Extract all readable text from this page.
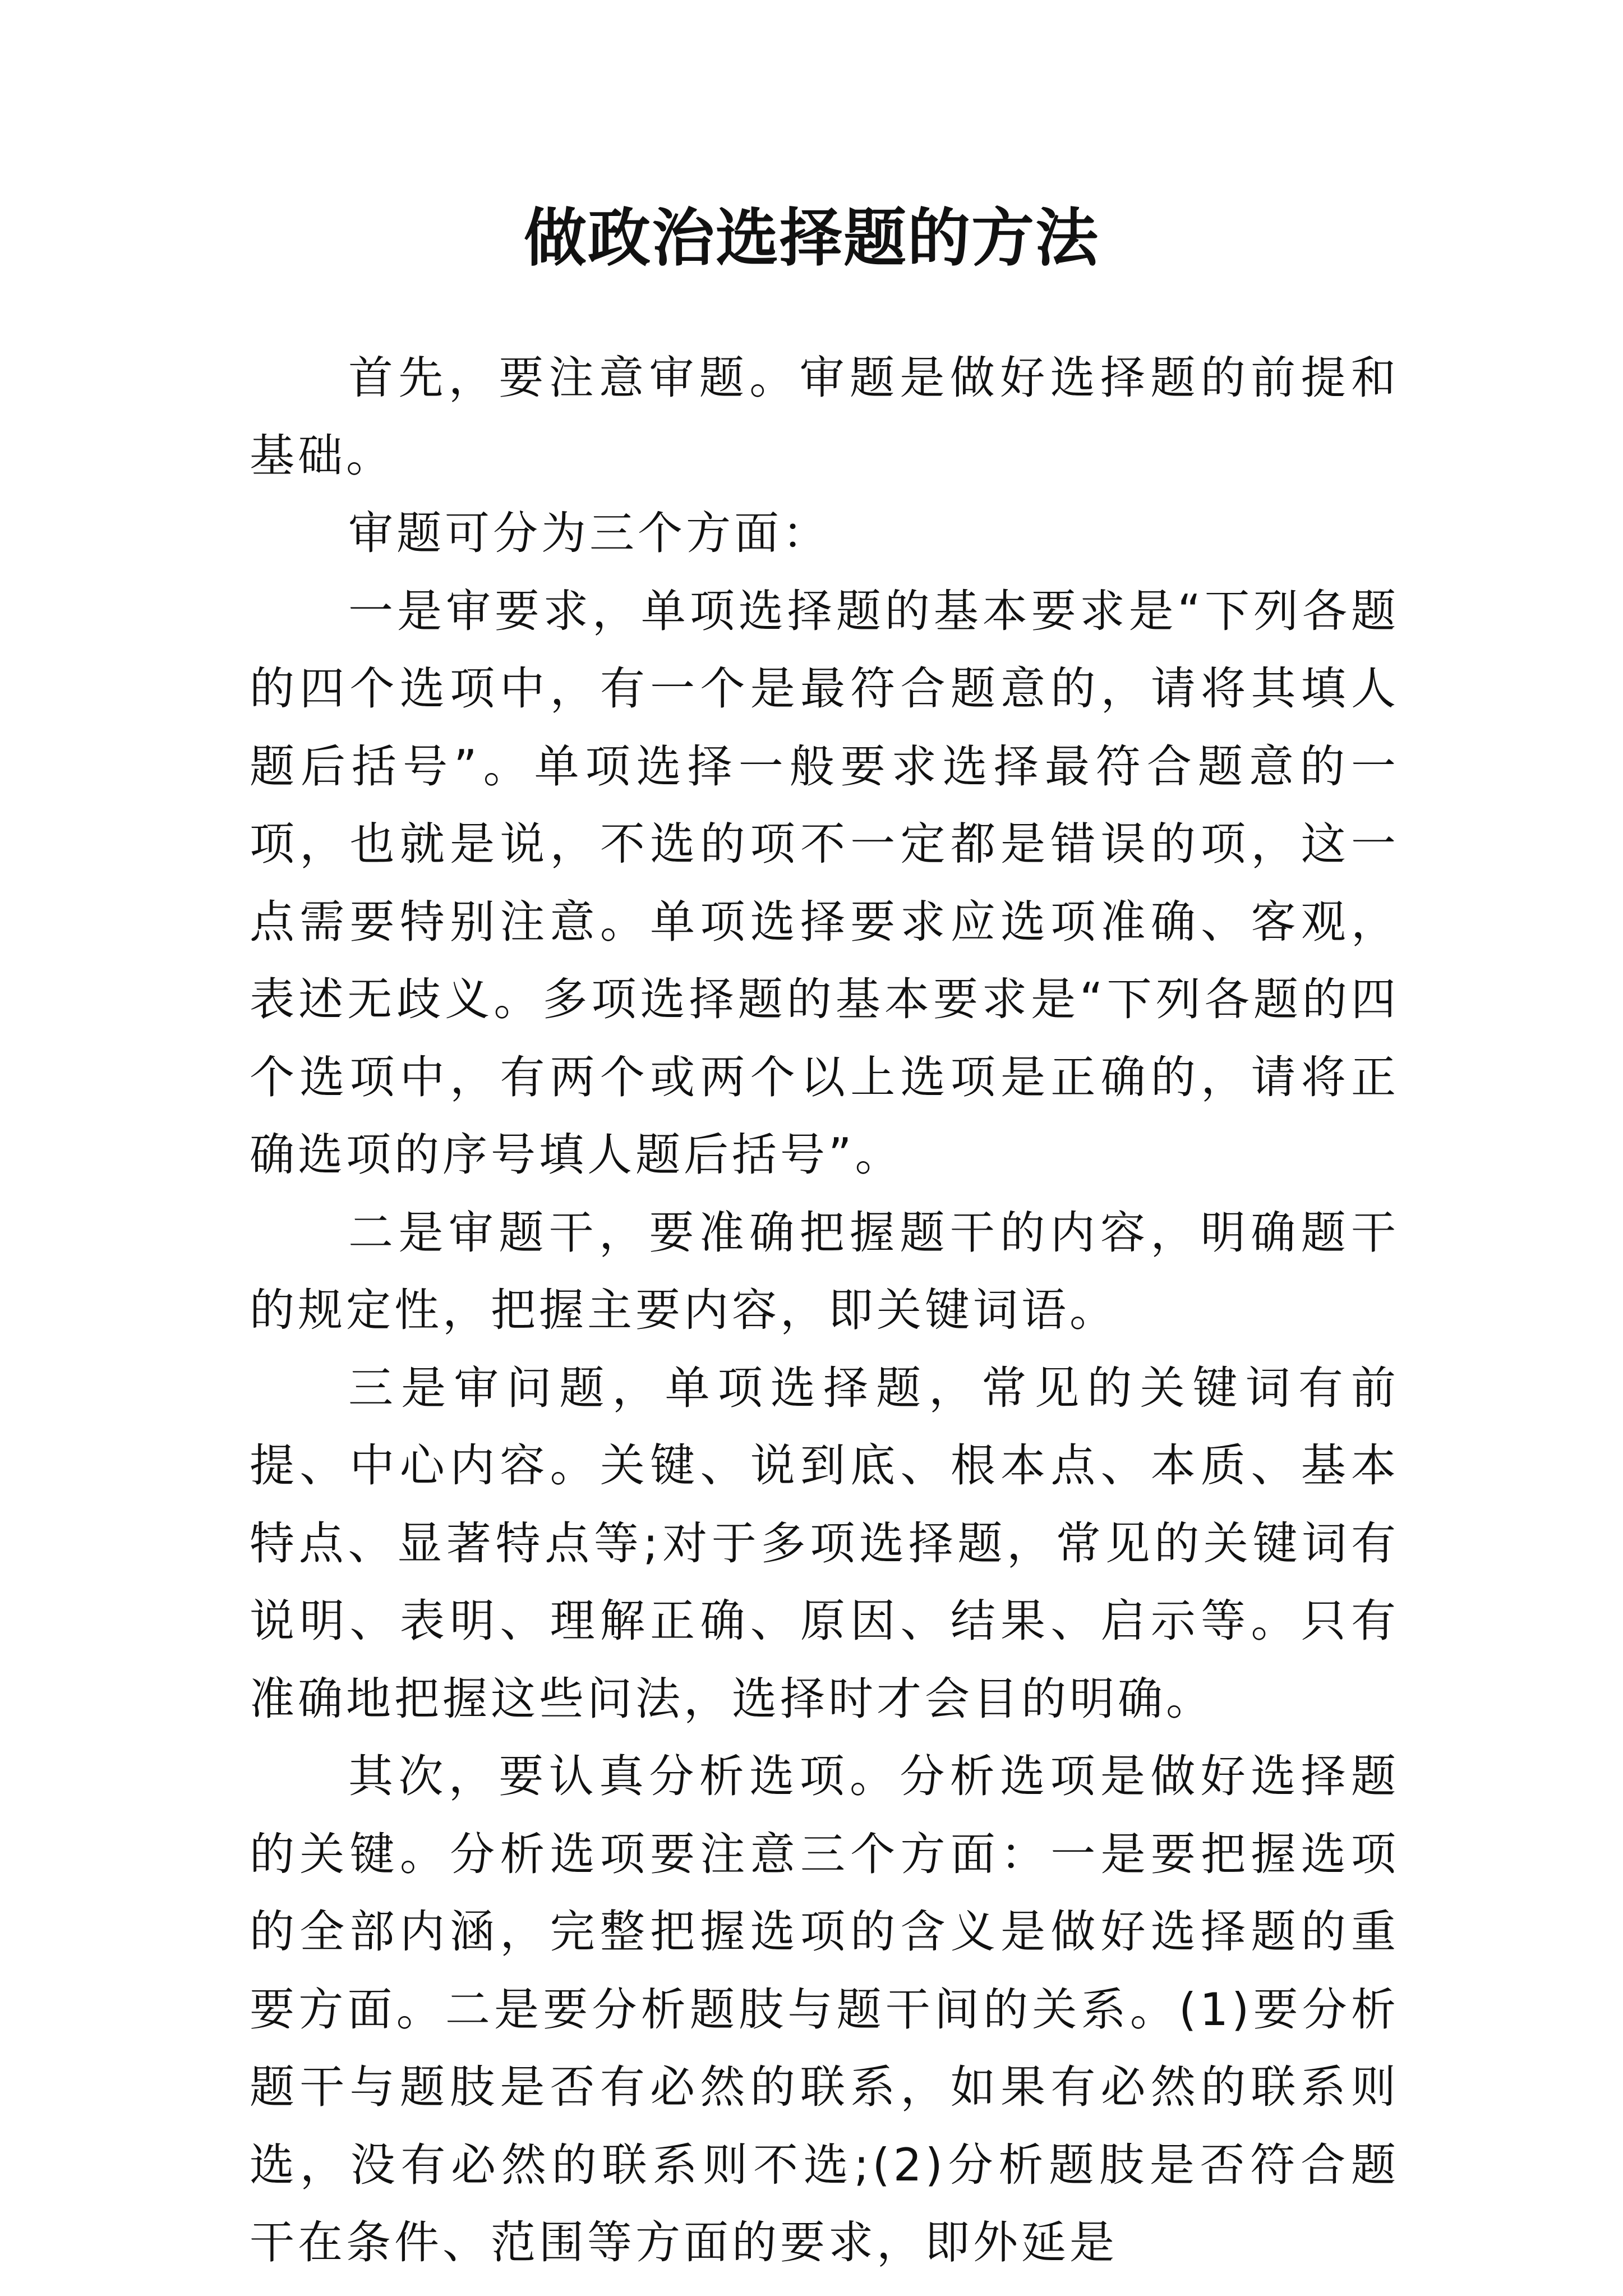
做政治选择题的方法

首先，要注意审题。审题是做好选择题的前提和基础。

审题可分为三个方面：

一是审要求，单项选择题的基本要求是“下列各题的四个选项中，有一个是最符合题意的，请将其填人题后括号”。单项选择一般要求选择最符合题意的一项，也就是说，不选的项不一定都是错误的项，这一点需要特别注意。单项选择要求应选项准确、客观，表述无歧义。多项选择题的基本要求是“下列各题的四个选项中，有两个或两个以上选项是正确的，请将正确选项的序号填人题后括号”。

二是审题干，要准确把握题干的内容，明确题干的规定性，把握主要内容，即关键词语。

三是审问题，单项选择题，常见的关键词有前提、中心内容。关键、说到底、根本点、本质、基本特点、显著特点等;对于多项选择题，常见的关键词有说明、表明、理解正确、原因、结果、启示等。只有准确地把握这些问法，选择时才会目的明确。

其次，要认真分析选项。分析选项是做好选择题的关键。分析选项要注意三个方面：一是要把握选项的全部内涵，完整把握选项的含义是做好选择题的重要方面。二是要分析题肢与题干间的关系。(1)要分析题干与题肢是否有必然的联系，如果有必然的联系则选，没有必然的联系则不选;(2)分析题肢是否符合题干在条件、范围等方面的要求，即外延是
